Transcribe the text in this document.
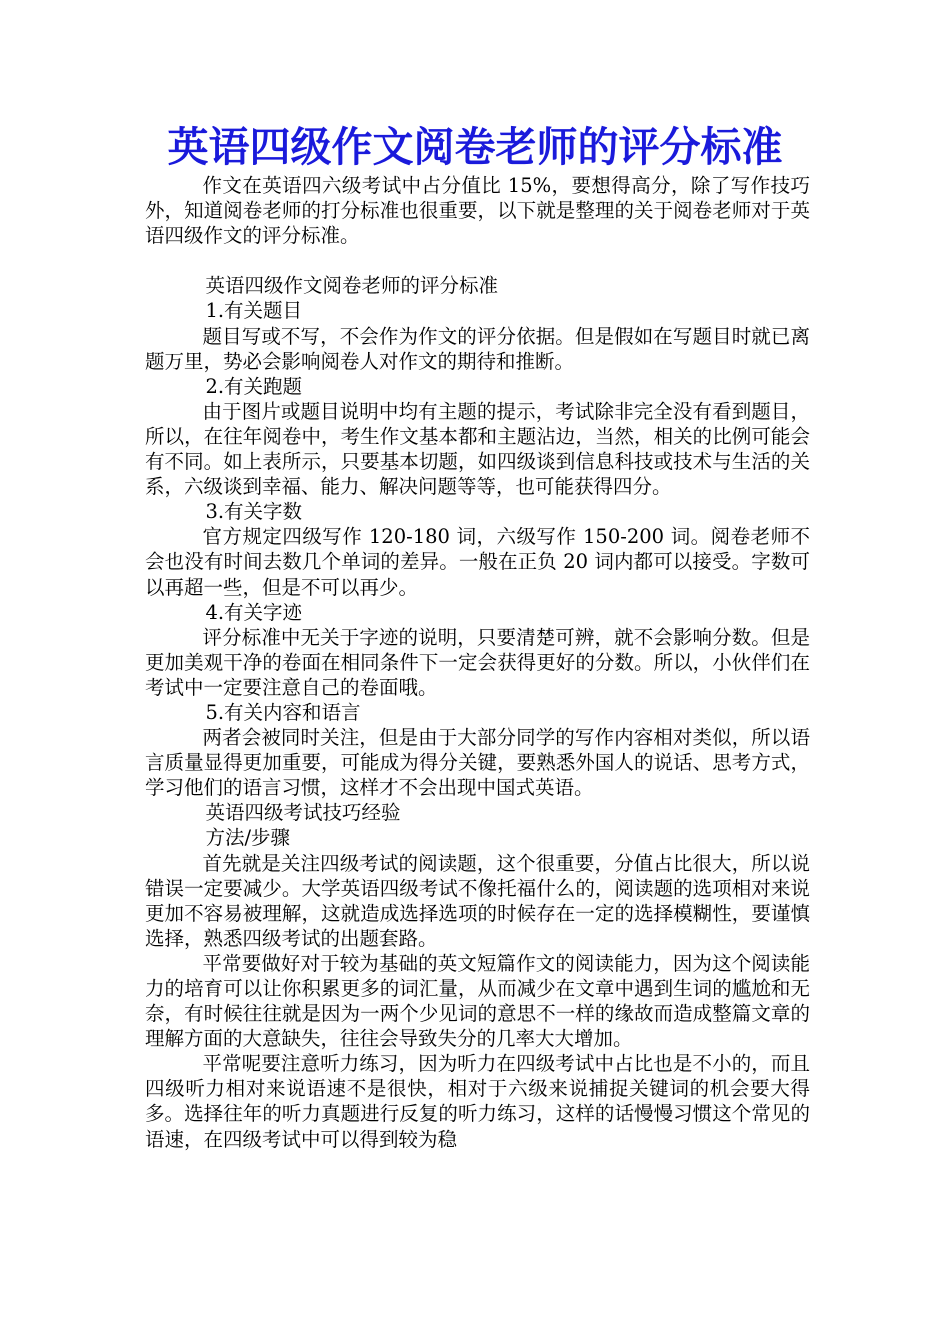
英语四级作文阅卷老师的评分标准

作文在英语四六级考试中占分值比 15%，要想得高分，除了写作技巧外，知道阅卷老师的打分标准也很重要，以下就是整理的关于阅卷老师对于英语四级作文的评分标准。

英语四级作文阅卷老师的评分标准

1.有关题目

题目写或不写，不会作为作文的评分依据。但是假如在写题目时就已离题万里，势必会影响阅卷人对作文的期待和推断。

2.有关跑题

由于图片或题目说明中均有主题的提示，考试除非完全没有看到题目，所以，在往年阅卷中，考生作文基本都和主题沾边，当然，相关的比例可能会有不同。如上表所示，只要基本切题，如四级谈到信息科技或技术与生活的关系，六级谈到幸福、能力、解决问题等等，也可能获得四分。

3.有关字数

官方规定四级写作 120-180 词，六级写作 150-200 词。阅卷老师不会也没有时间去数几个单词的差异。一般在正负 20 词内都可以接受。字数可以再超一些，但是不可以再少。

4.有关字迹

评分标准中无关于字迹的说明，只要清楚可辨，就不会影响分数。但是更加美观干净的卷面在相同条件下一定会获得更好的分数。所以，小伙伴们在考试中一定要注意自己的卷面哦。

5.有关内容和语言

两者会被同时关注，但是由于大部分同学的写作内容相对类似，所以语言质量显得更加重要，可能成为得分关键，要熟悉外国人的说话、思考方式，学习他们的语言习惯，这样才不会出现中国式英语。

英语四级考试技巧经验

方法/步骤

首先就是关注四级考试的阅读题，这个很重要，分值占比很大，所以说错误一定要减少。大学英语四级考试不像托福什么的，阅读题的选项相对来说更加不容易被理解，这就造成选择选项的时候存在一定的选择模糊性，要谨慎选择，熟悉四级考试的出题套路。

平常要做好对于较为基础的英文短篇作文的阅读能力，因为这个阅读能力的培育可以让你积累更多的词汇量，从而减少在文章中遇到生词的尴尬和无奈，有时候往往就是因为一两个少见词的意思不一样的缘故而造成整篇文章的理解方面的大意缺失，往往会导致失分的几率大大增加。

平常呢要注意听力练习，因为听力在四级考试中占比也是不小的，而且四级听力相对来说语速不是很快，相对于六级来说捕捉关键词的机会要大得多。选择往年的听力真题进行反复的听力练习，这样的话慢慢习惯这个常见的语速，在四级考试中可以得到较为稳
